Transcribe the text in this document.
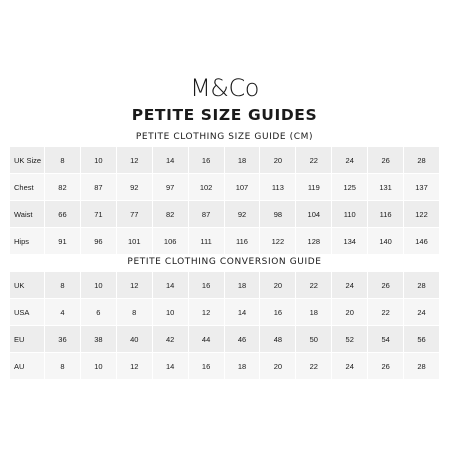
M&Co
PETITE SIZE GUIDES
PETITE CLOTHING SIZE GUIDE (CM)
UK Size	8	10	12	14	16	18	20	22	24	26	28
Chest	82	87	92	97	102	107	113	119	125	131	137
Waist	66	71	77	82	87	92	98	104	110	116	122
Hips	91	96	101	106	111	116	122	128	134	140	146
PETITE CLOTHING CONVERSION GUIDE
UK	8	10	12	14	16	18	20	22	24	26	28
USA	4	6	8	10	12	14	16	18	20	22	24
EU	36	38	40	42	44	46	48	50	52	54	56
AU	8	10	12	14	16	18	20	22	24	26	28
